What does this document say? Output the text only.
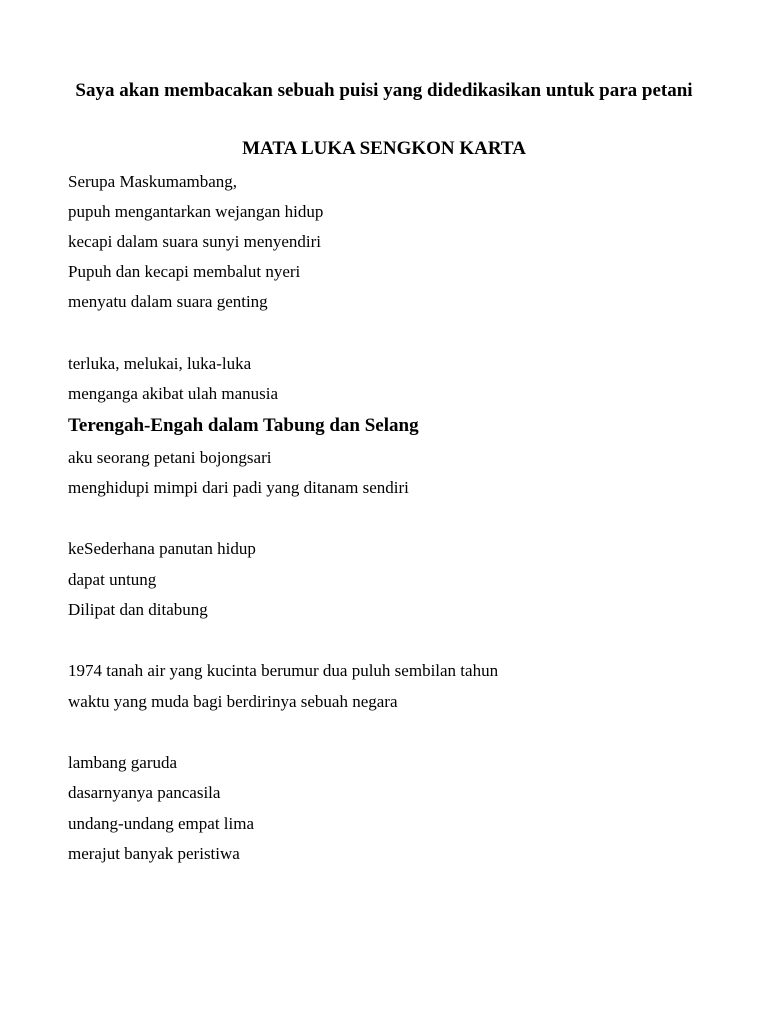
Saya akan membacakan sebuah puisi yang didedikasikan untuk para petani

MATA LUKA SENGKON KARTA

Serupa Maskumambang,

pupuh mengantarkan wejangan hidup

kecapi dalam suara sunyi menyendiri

Pupuh dan kecapi membalut nyeri

menyatu dalam suara genting

terluka, melukai, luka-luka

menganga akibat ulah manusia

Terengah-Engah dalam Tabung dan Selang

aku seorang petani bojongsari

menghidupi mimpi dari padi yang ditanam sendiri

keSederhana panutan hidup

dapat untung

Dilipat dan ditabung

1974 tanah air yang kucinta berumur dua puluh sembilan tahun

waktu yang muda bagi berdirinya sebuah negara

lambang garuda

dasarnyanya pancasila

undang-undang empat lima

merajut banyak peristiwa
